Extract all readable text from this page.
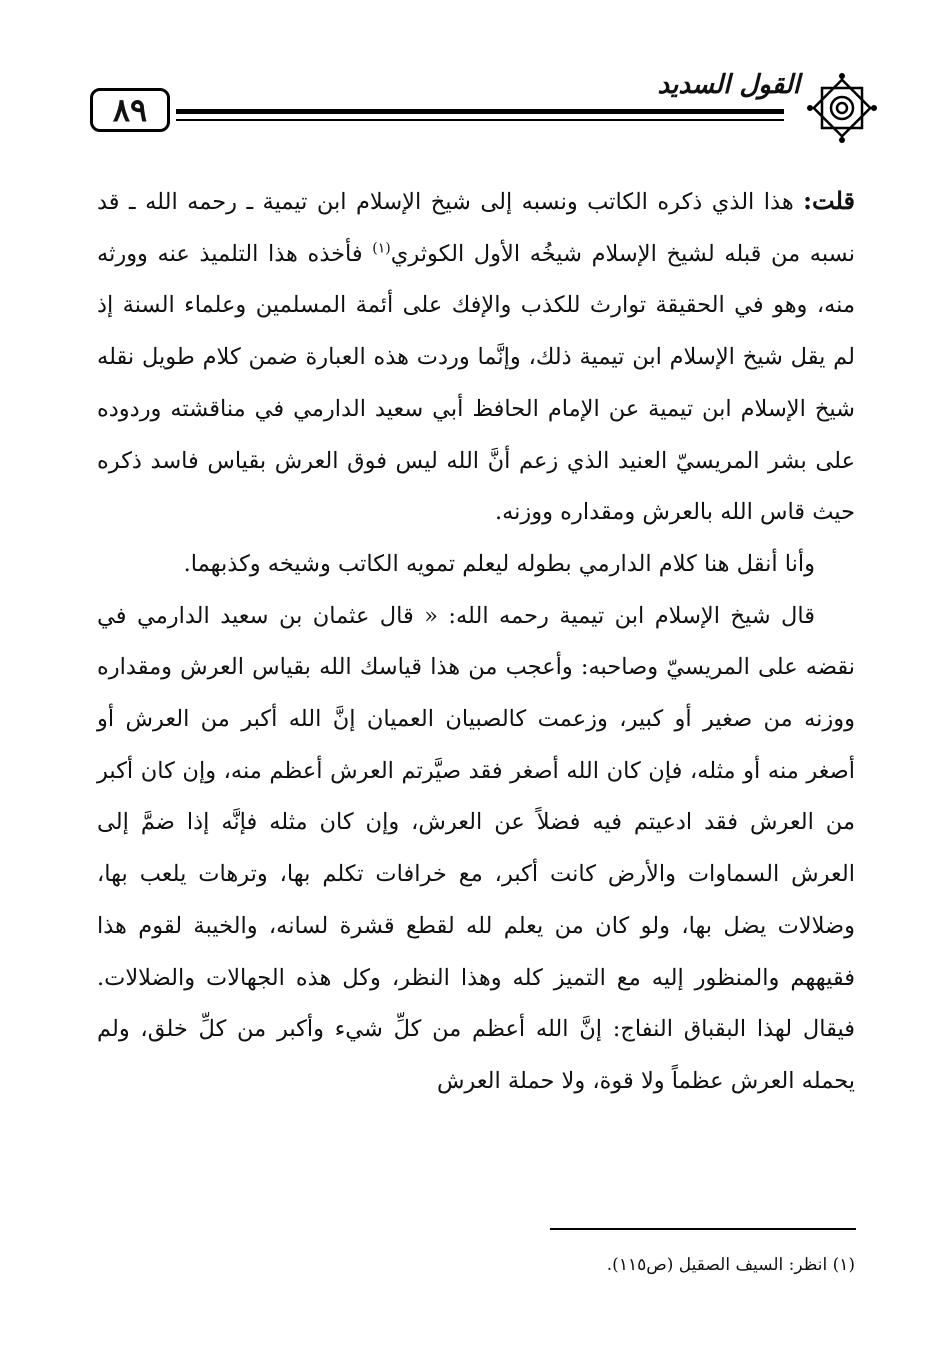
٨٩
القول السديد

قلت: هذا الذي ذكره الكاتب ونسبه إلى شيخ الإسلام ابن تيمية ـ رحمه الله ـ قد نسبه من قبله لشيخ الإسلام شيخُه الأول الكوثري$^{(١)}$ فأخذه هذا التلميذ عنه وورثه منه، وهو في الحقيقة توارث للكذب والإفك على أئمة المسلمين وعلماء السنة إذ لم يقل شيخ الإسلام ابن تيمية ذلك، وإنَّما وردت هذه العبارة ضمن كلام طويل نقله شيخ الإسلام ابن تيمية عن الإمام الحافظ أبي سعيد الدارمي في مناقشته وردوده على بشر المريسيّ العنيد الذي زعم أنَّ الله ليس فوق العرش بقياس فاسد ذكره حيث قاس الله بالعرش ومقداره ووزنه.

وأنا أنقل هنا كلام الدارمي بطوله ليعلم تمويه الكاتب وشيخه وكذبهما.

قال شيخ الإسلام ابن تيمية رحمه الله: « قال عثمان بن سعيد الدارمي في نقضه على المريسيّ وصاحبه: وأعجب من هذا قياسك الله بقياس العرش ومقداره ووزنه من صغير أو كبير، وزعمت كالصبيان العميان إنَّ الله أكبر من العرش أو أصغر منه أو مثله، فإن كان الله أصغر فقد صيَّرتم العرش أعظم منه، وإن كان أكبر من العرش فقد ادعيتم فيه فضلاً عن العرش، وإن كان مثله فإنَّه إذا ضمَّ إلى العرش السماوات والأرض كانت أكبر، مع خرافات تكلم بها، وترهات يلعب بها، وضلالات يضل بها، ولو كان من يعلم لله لقطع قشرة لسانه، والخيبة لقوم هذا فقيههم والمنظور إليه مع التميز كله وهذا النظر، وكل هذه الجهالات والضلالات. فيقال لهذا البقباق النفاج: إنَّ الله أعظم من كلِّ شيء وأكبر من كلِّ خلق، ولم يحمله العرش عظماً ولا قوة، ولا حملة العرش

(١) انظر: السيف الصقيل (ص١١٥).
